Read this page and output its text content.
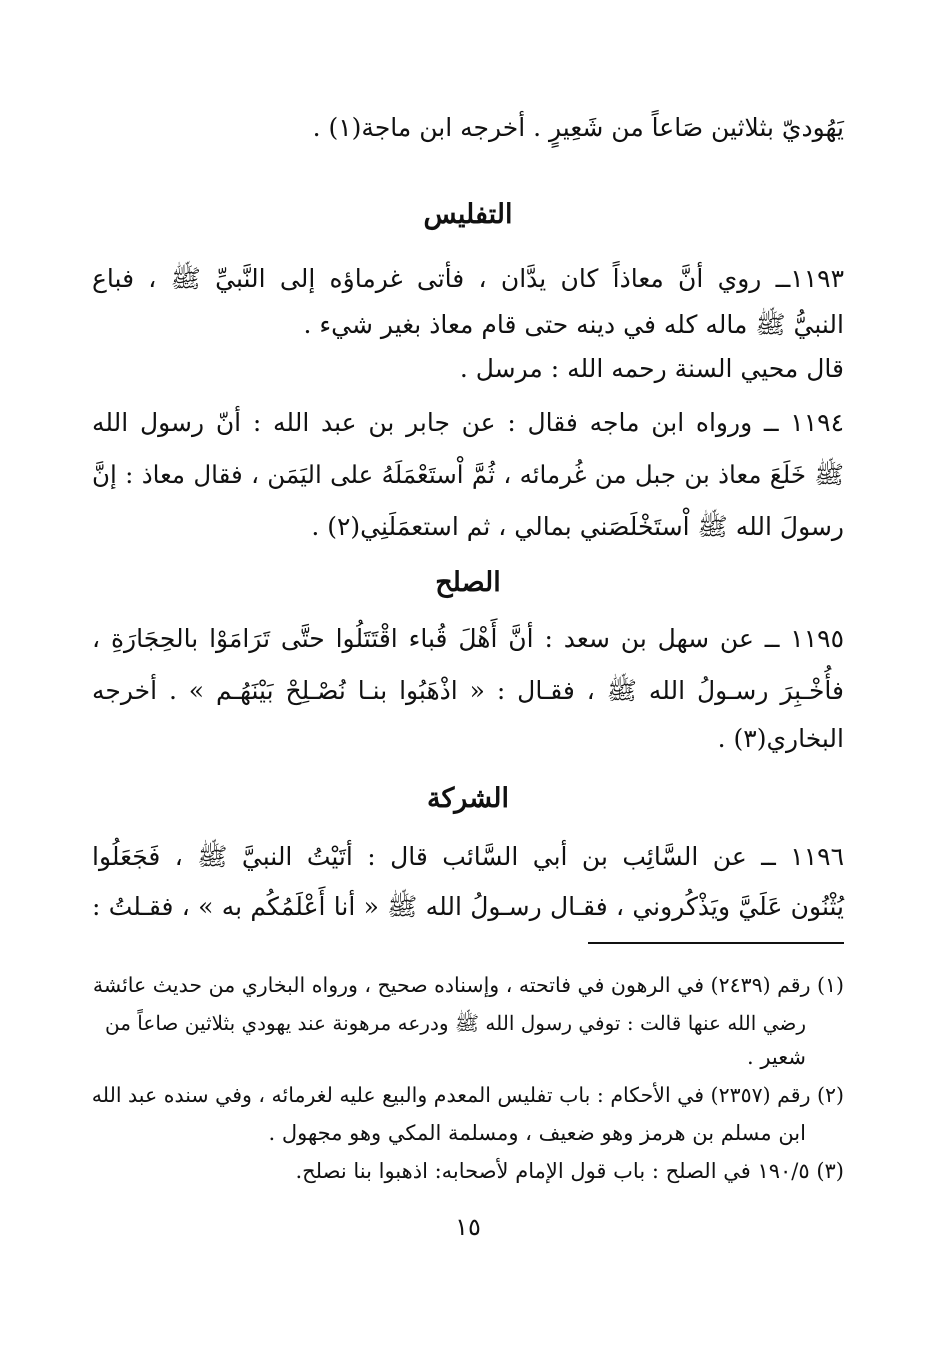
يَهُوديّ بثلاثين صَاعاً من شَعِيرٍ . أخرجه ابن ماجة(١) .
التفليس
١١٩٣ــ روي أنَّ معاذاً كان يدَّان ، فأتى غرماؤه إلى النَّبيِّ ﷺ ، فباع
النبيُّ ﷺ ماله كله في دينه حتى قام معاذ بغير شيء .
قال محيي السنة رحمه الله : مرسل .
١١٩٤ ــ ورواه ابن ماجه فقال : عن جابر بن عبد الله : أنّ رسول الله
ﷺ خَلَعَ معاذ بن جبل من غُرمائه ، ثُمَّ اْستَعْمَلَهُ على اليَمَن ، فقال معاذ : إنَّ
رسولَ الله ﷺ اْستَخْلَصَني بمالي ، ثم استعمَلَنِي(٢) .
الصلح
١١٩٥ ــ عن سهل بن سعد : أنَّ أَهْلَ قُباء اقْتَتَلُوا حتَّى تَرَامَوْا بالحِجَارَةِ ،
فأُخْـبِرَ رسـولُ الله ﷺ ، فقـال : « اذْهَبُوا بنـا نُصْـلِحْ بَيْنَهُـم » . أخرجه
البخاري(٣) .
الشركة
١١٩٦ ــ عن السَّائِب بن أبي السَّائب قال : أتَيْتُ النبيَّ ﷺ ، فَجَعَلُوا
يُثْنُون عَلَيَّ ويَذْكُروني ، فقـال رسـولُ الله ﷺ « أنا أَعْلَمُكُم به » ، فقـلتُ :
(١) رقم (٢٤٣٩) في الرهون في فاتحته ، وإسناده صحيح ، ورواه البخاري من حديث عائشة
رضي الله عنها قالت : توفي رسول الله ﷺ ودرعه مرهونة عند يهودي بثلاثين صاعاً من
شعير .
(٢) رقم (٢٣٥٧) في الأحكام : باب تفليس المعدم والبيع عليه لغرمائه ، وفي سنده عبد الله
ابن مسلم بن هرمز وهو ضعيف ، ومسلمة المكي وهو مجهول .
(٣) ١٩٠/٥ في الصلح : باب قول الإمام لأصحابه: اذهبوا بنا نصلح.
١٥
